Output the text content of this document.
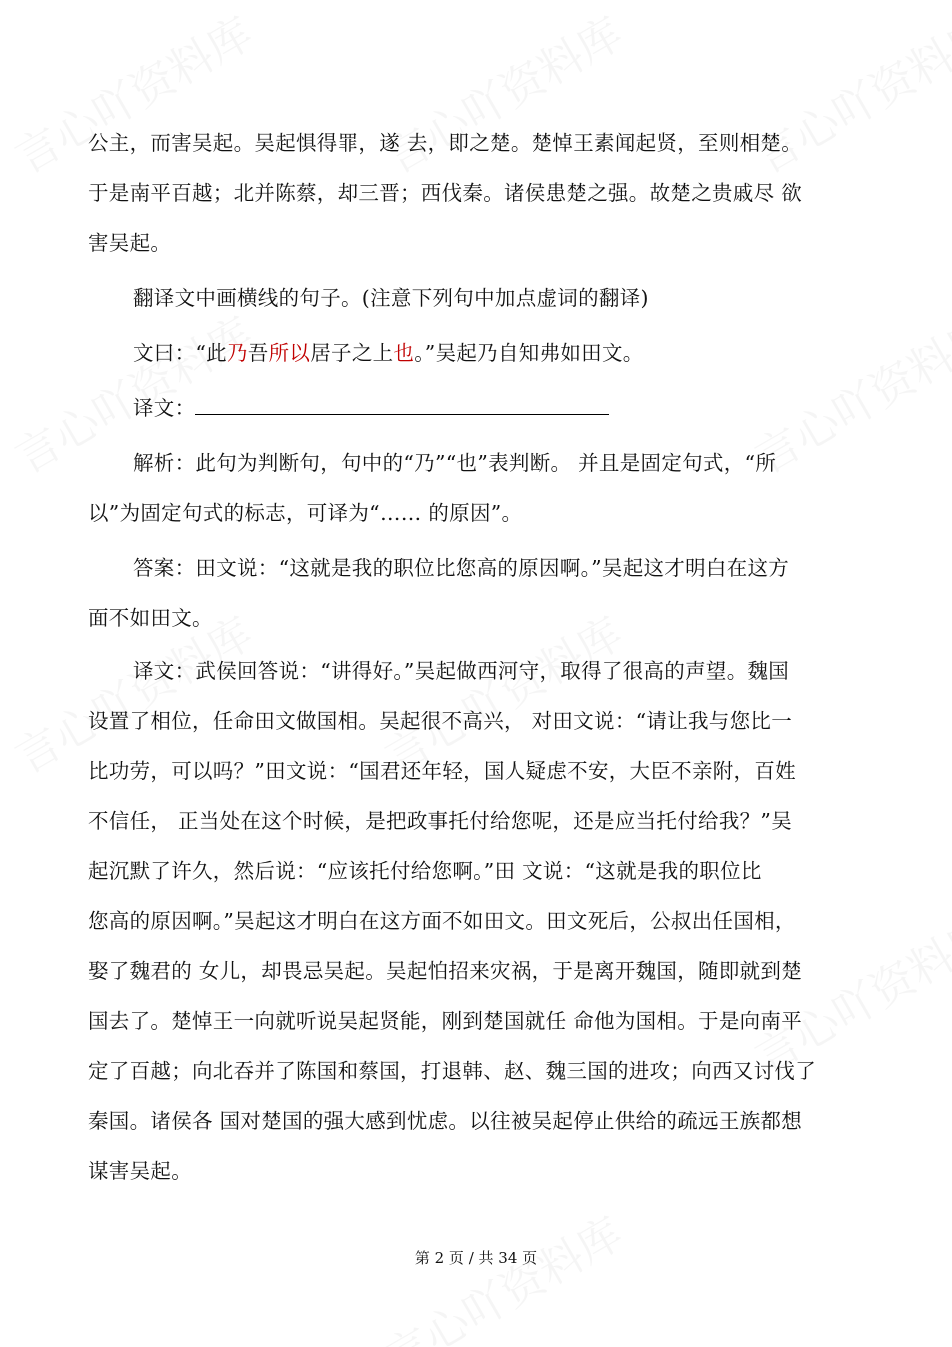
公主，而害吴起。吴起惧得罪，遂 去，即之楚。楚悼王素闻起贤，至则相楚。
于是南平百越；北并陈蔡，却三晋；西伐秦。诸侯患楚之强。故楚之贵戚尽 欲
害吴起。
翻译文中画横线的句子。(注意下列句中加点虚词的翻译)
文曰：“此乃吾所以居子之上也。”吴起乃自知弗如田文。
译文：
解析：此句为判断句，句中的“乃”“也”表判断。 并且是固定句式，“所
以”为固定句式的标志，可译为“…… 的原因”。
答案：田文说：“这就是我的职位比您高的原因啊。”吴起这才明白在这方
面不如田文。
译文：武侯回答说：“讲得好。”吴起做西河守，取得了很高的声望。魏国
设置了相位，任命田文做国相。吴起很不高兴， 对田文说：“请让我与您比一
比功劳，可以吗？”田文说：“国君还年轻，国人疑虑不安，大臣不亲附，百姓
不信任， 正当处在这个时候，是把政事托付给您呢，还是应当托付给我？”吴
起沉默了许久，然后说：“应该托付给您啊。”田 文说：“这就是我的职位比
您高的原因啊。”吴起这才明白在这方面不如田文。田文死后，公叔出任国相，
娶了魏君的 女儿，却畏忌吴起。吴起怕招来灾祸，于是离开魏国，随即就到楚
国去了。楚悼王一向就听说吴起贤能，刚到楚国就任 命他为国相。于是向南平
定了百越；向北吞并了陈国和蔡国，打退韩、赵、魏三国的进攻；向西又讨伐了
秦国。诸侯各 国对楚国的强大感到忧虑。以往被吴起停止供给的疏远王族都想
谋害吴起。
第 2 页 / 共 34 页
